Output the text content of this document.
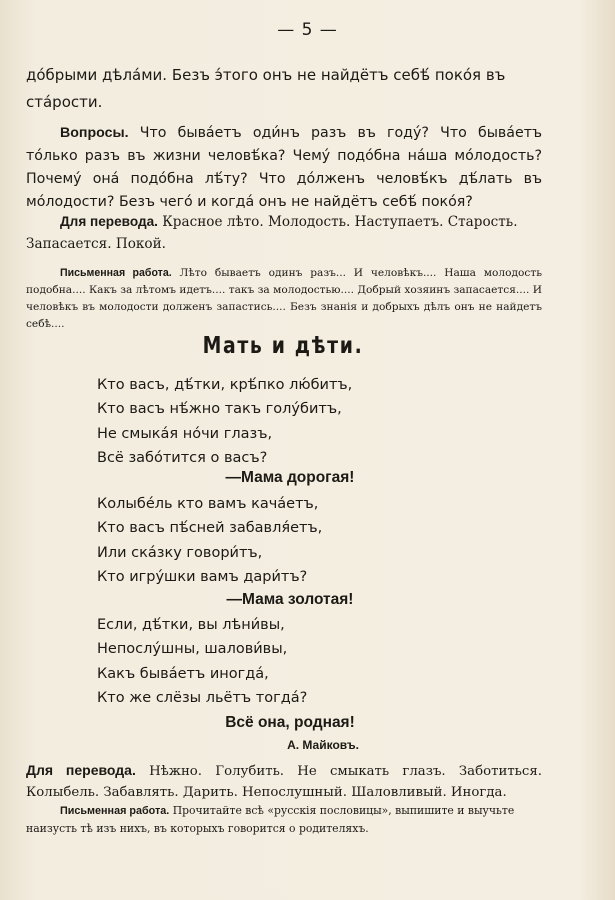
— 5 —
до́брыми дѣла́ми. Безъ э́того онъ не найдётъ себѣ́ поко́я въ ста́рости.
Вопросы. Что быва́етъ оди́нъ разъ въ году́? Что быва́етъ то́лько разъ въ жизни человѣ́ка? Чему́ подо́бна на́ша мо́лодость? Почему́ она́ подо́бна лѣ́ту? Что до́лженъ человѣ́къ дѣ́лать въ мо́лодости? Безъ чего́ и когда́ онъ не найдётъ себѣ́ поко́я?
Для перевода. Красное лѣто. Молодость. Наступаетъ. Старость. Запасается. Покой.
Письменная работа. Лѣто бываетъ одинъ разъ... И человѣкъ.... Наша молодость подобна.... Какъ за лѣтомъ идетъ.... такъ за молодостью.... Добрый хозяинъ запасается.... И человѣкъ въ молодости долженъ запастись.... Безъ знанія и добрыхъ дѣлъ онъ не найдетъ себѣ....
Мать и дѣти.
Кто васъ, дѣ́тки, крѣ́пко лю́битъ,
Кто васъ нѣ́жно такъ голу́битъ,
Не смыка́я но́чи глазъ,
Всё забо́тится о васъ?
—Мама дорогая!
Колыбе́ль кто вамъ кача́етъ,
Кто васъ пѣ́сней забавля́етъ,
Или ска́зку говори́тъ,
Кто игру́шки вамъ дари́тъ?
—Мама золотая!
Если, дѣ́тки, вы лѣни́вы,
Непослу́шны, шалови́вы,
Какъ быва́етъ иногда́,
Кто же слёзы льётъ тогда́?
Всё она, родная!
А. Майковъ.
Для перевода. Нѣжно. Голубить. Не смыкать глазъ. Заботиться. Колыбель. Забавлять. Дарить. Непослушный. Шаловливый. Иногда.
Письменная работа. Прочитайте всѣ «русскія пословицы», выпишите и выучьте наизусть тѣ изъ нихъ, въ которыхъ говорится о родителяхъ.
